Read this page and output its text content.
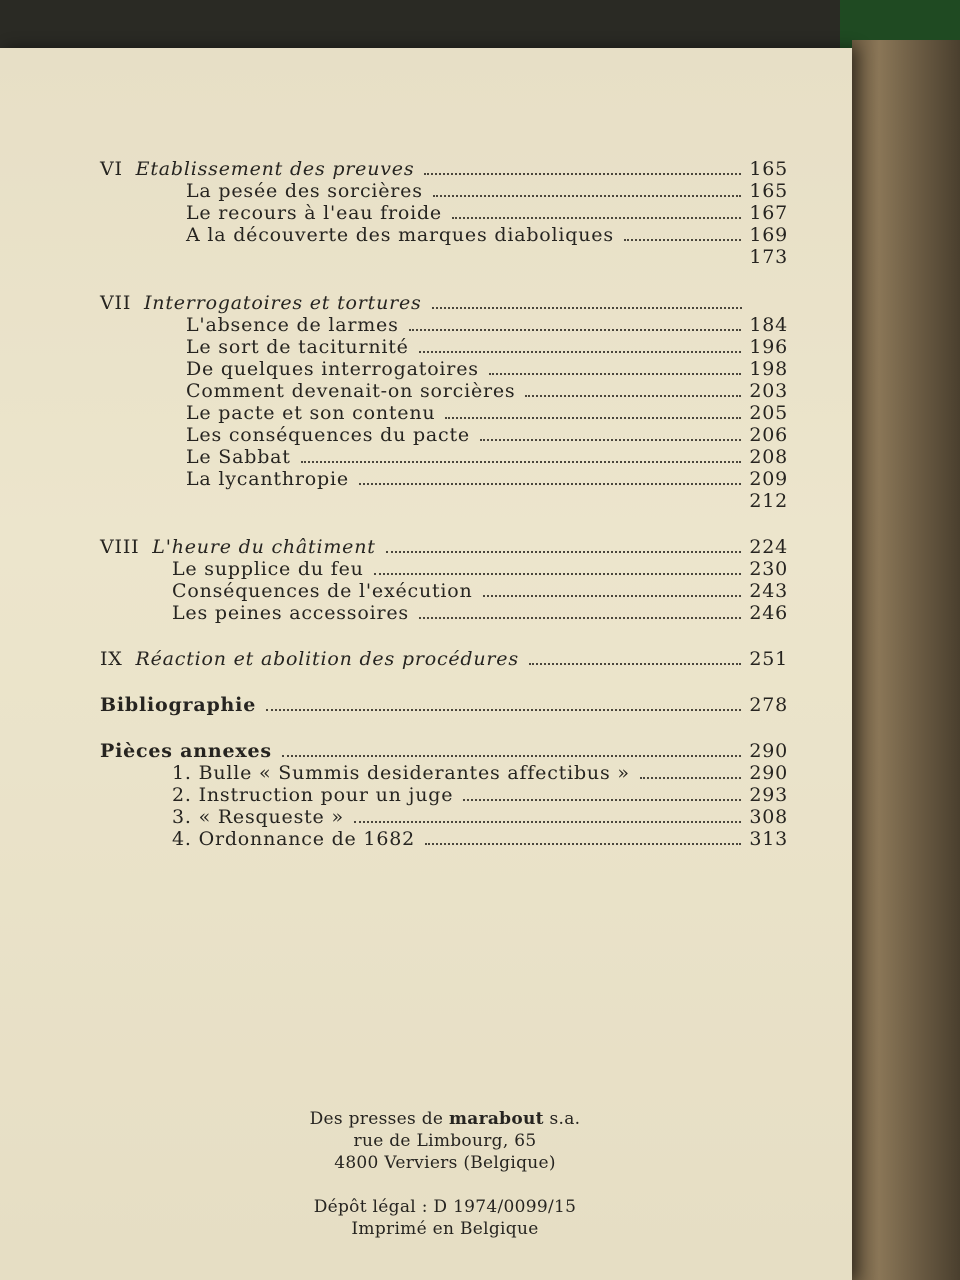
VI Etablissement des preuves	165
La pesée des sorcières	165
Le recours à l'eau froide	167
A la découverte des marques diaboliques	169
173
VII Interrogatoires et tortures
L'absence de larmes	184
Le sort de taciturnité	196
De quelques interrogatoires	198
Comment devenait-on sorcières	203
Le pacte et son contenu	205
Les conséquences du pacte	206
Le Sabbat	208
La lycanthropie	209
212
VIII L'heure du châtiment	224
Le supplice du feu	230
Conséquences de l'exécution	243
Les peines accessoires	246
IX Réaction et abolition des procédures	251
Bibliographie	278
Pièces annexes	290
1. Bulle « Summis desiderantes affectibus »	290
2. Instruction pour un juge	293
3. « Resqueste »	308
4. Ordonnance de 1682	313
Des presses de marabout s.a.
rue de Limbourg, 65
4800 Verviers (Belgique)
Dépôt légal : D 1974/0099/15
Imprimé en Belgique
